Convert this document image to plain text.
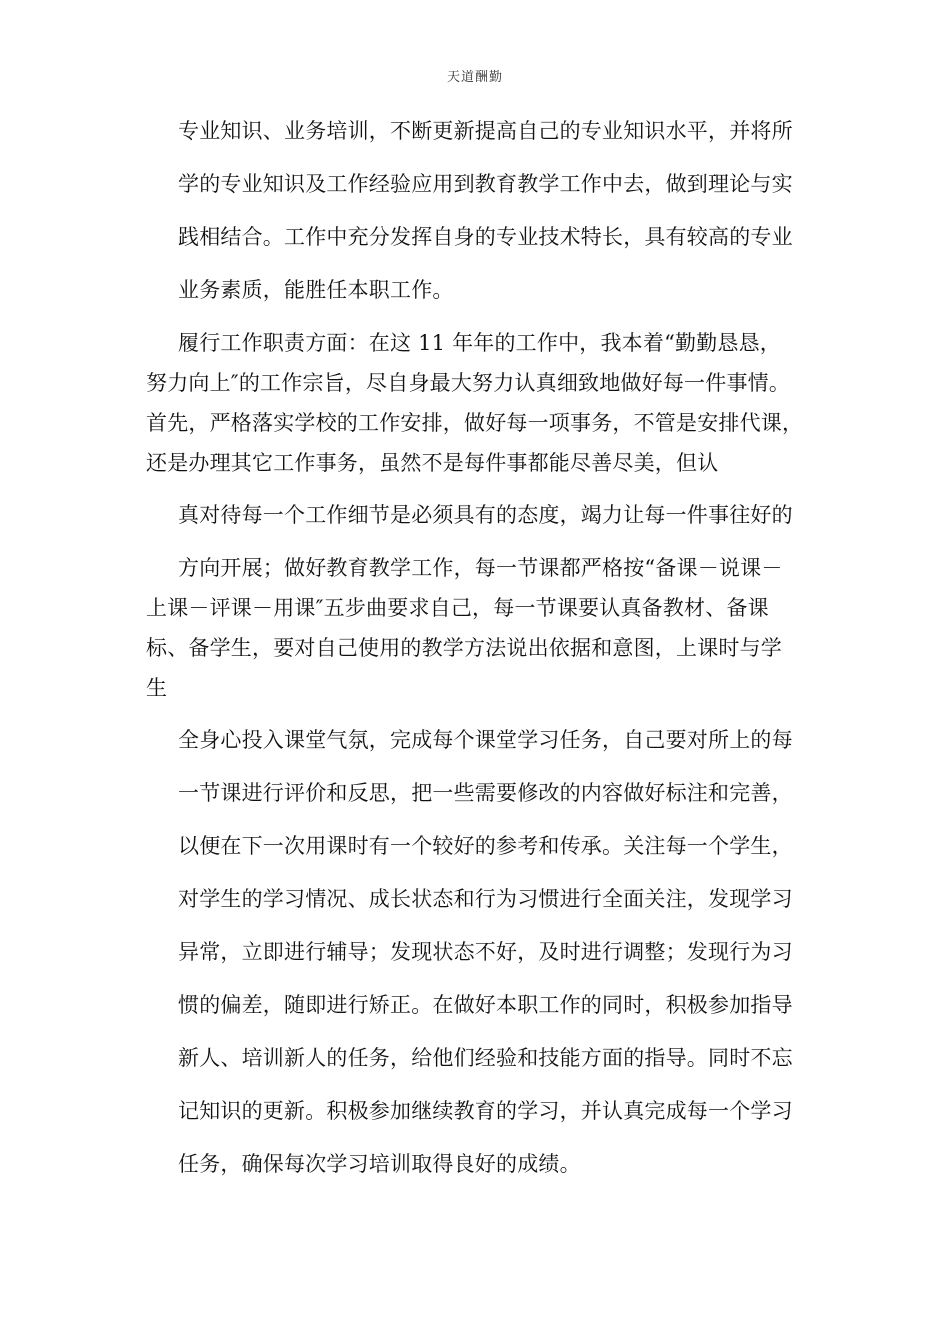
天道酬勤
专业知识、业务培训，不断更新提高自己的专业知识水平，并将所
学的专业知识及工作经验应用到教育教学工作中去，做到理论与实
践相结合。工作中充分发挥自身的专业技术特长，具有较高的专业
业务素质，能胜任本职工作。
履行工作职责方面：在这 11 年年的工作中，我本着“勤勤恳恳，
努力向上″的工作宗旨，尽自身最大努力认真细致地做好每一件事情。
首先，严格落实学校的工作安排，做好每一项事务，不管是安排代课，
还是办理其它工作事务，虽然不是每件事都能尽善尽美，但认
真对待每一个工作细节是必须具有的态度，竭力让每一件事往好的
方向开展；做好教育教学工作，每一节课都严格按“备课－说课－
上课－评课－用课″五步曲要求自己，每一节课要认真备教材、备课
标、备学生，要对自己使用的教学方法说出依据和意图，上课时与学
生
全身心投入课堂气氛，完成每个课堂学习任务，自己要对所上的每
一节课进行评价和反思，把一些需要修改的内容做好标注和完善，
以便在下一次用课时有一个较好的参考和传承。关注每一个学生，
对学生的学习情况、成长状态和行为习惯进行全面关注，发现学习
异常，立即进行辅导；发现状态不好，及时进行调整；发现行为习
惯的偏差，随即进行矫正。在做好本职工作的同时，积极参加指导
新人、培训新人的任务，给他们经验和技能方面的指导。同时不忘
记知识的更新。积极参加继续教育的学习，并认真完成每一个学习
任务，确保每次学习培训取得良好的成绩。
